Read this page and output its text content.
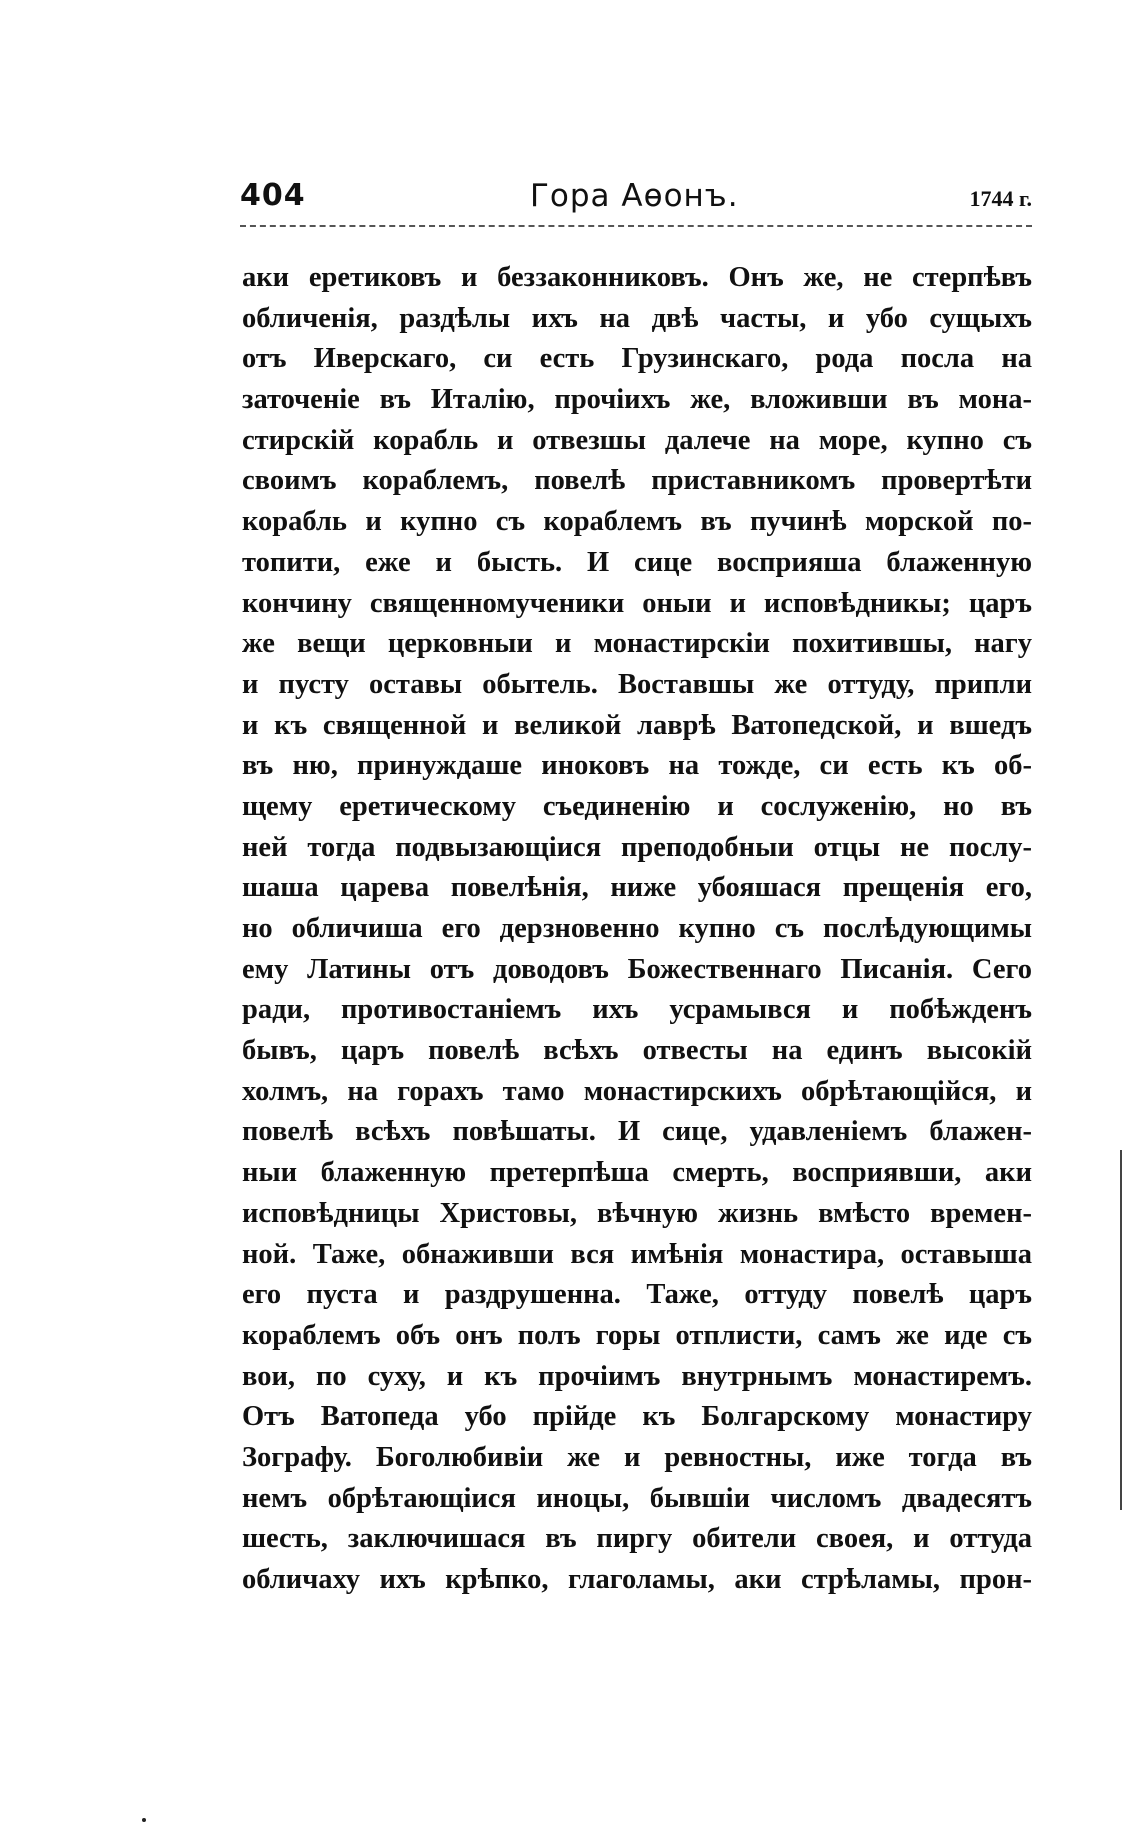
404	Гора Аѳонъ.	1744 г.
аки еретиковъ и беззаконниковъ. Онъ же, не стерпѣвъ
обличенія, раздѣлы ихъ на двѣ часты, и убо сущыхъ
отъ Иверскаго, си есть Грузинскаго, рода посла на
заточеніе въ Италію, прочіихъ же, вложивши въ мона-
стирскій корабль и отвезшы далече на море, купно съ
своимъ кораблемъ, повелѣ приставникомъ провертѣти
корабль и купно съ кораблемъ въ пучинѣ морской по-
топити, еже и бысть. И сице восприяша блаженную
кончину священномученики оныи и исповѣдникы; царъ
же вещи церковныи и монастирскіи похитившы, нагу
и пусту оставы обытель. Воставшы же оттуду, припли
и къ священной и великой лаврѣ Ватопедской, и вшедъ
въ ню, принуждаше иноковъ на тожде, си есть къ об-
щему еретическому съединенію и сослуженію, но въ
ней тогда подвызающіися преподобныи отцы не послу-
шаша царева повелѣнія, ниже убояшася прещенія его,
но обличиша его дерзновенно купно съ послѣдующимы
ему Латины отъ доводовъ Божественнаго Писанія. Сего
ради, противостаніемъ ихъ усрамывся и побѣжденъ
бывъ, царъ повелѣ всѣхъ отвесты на единъ высокій
холмъ, на горахъ тамо монастирскихъ обрѣтающійся, и
повелѣ всѣхъ повѣшаты. И сице, удавленіемъ блажен-
ныи блаженную претерпѣша смерть, восприявши, аки
исповѣдницы Христовы, вѣчную жизнь вмѣсто времен-
ной. Таже, обнаживши вся имѣнія монастира, оставыша
его пуста и раздрушенна. Таже, оттуду повелѣ царъ
кораблемъ объ онъ полъ горы отплисти, самъ же иде съ
вои, по суху, и къ прочіимъ внутрнымъ монастиремъ.
Отъ Ватопеда убо прійде къ Болгарскому монастиру
Зографу. Боголюбивіи же и ревностны, иже тогда въ
немъ обрѣтающіися иноцы, бывшіи числомъ двадесятъ
шесть, заключишася въ пиргу обители своея, и оттуда
обличаху ихъ крѣпко, глаголамы, аки стрѣламы, прон-
